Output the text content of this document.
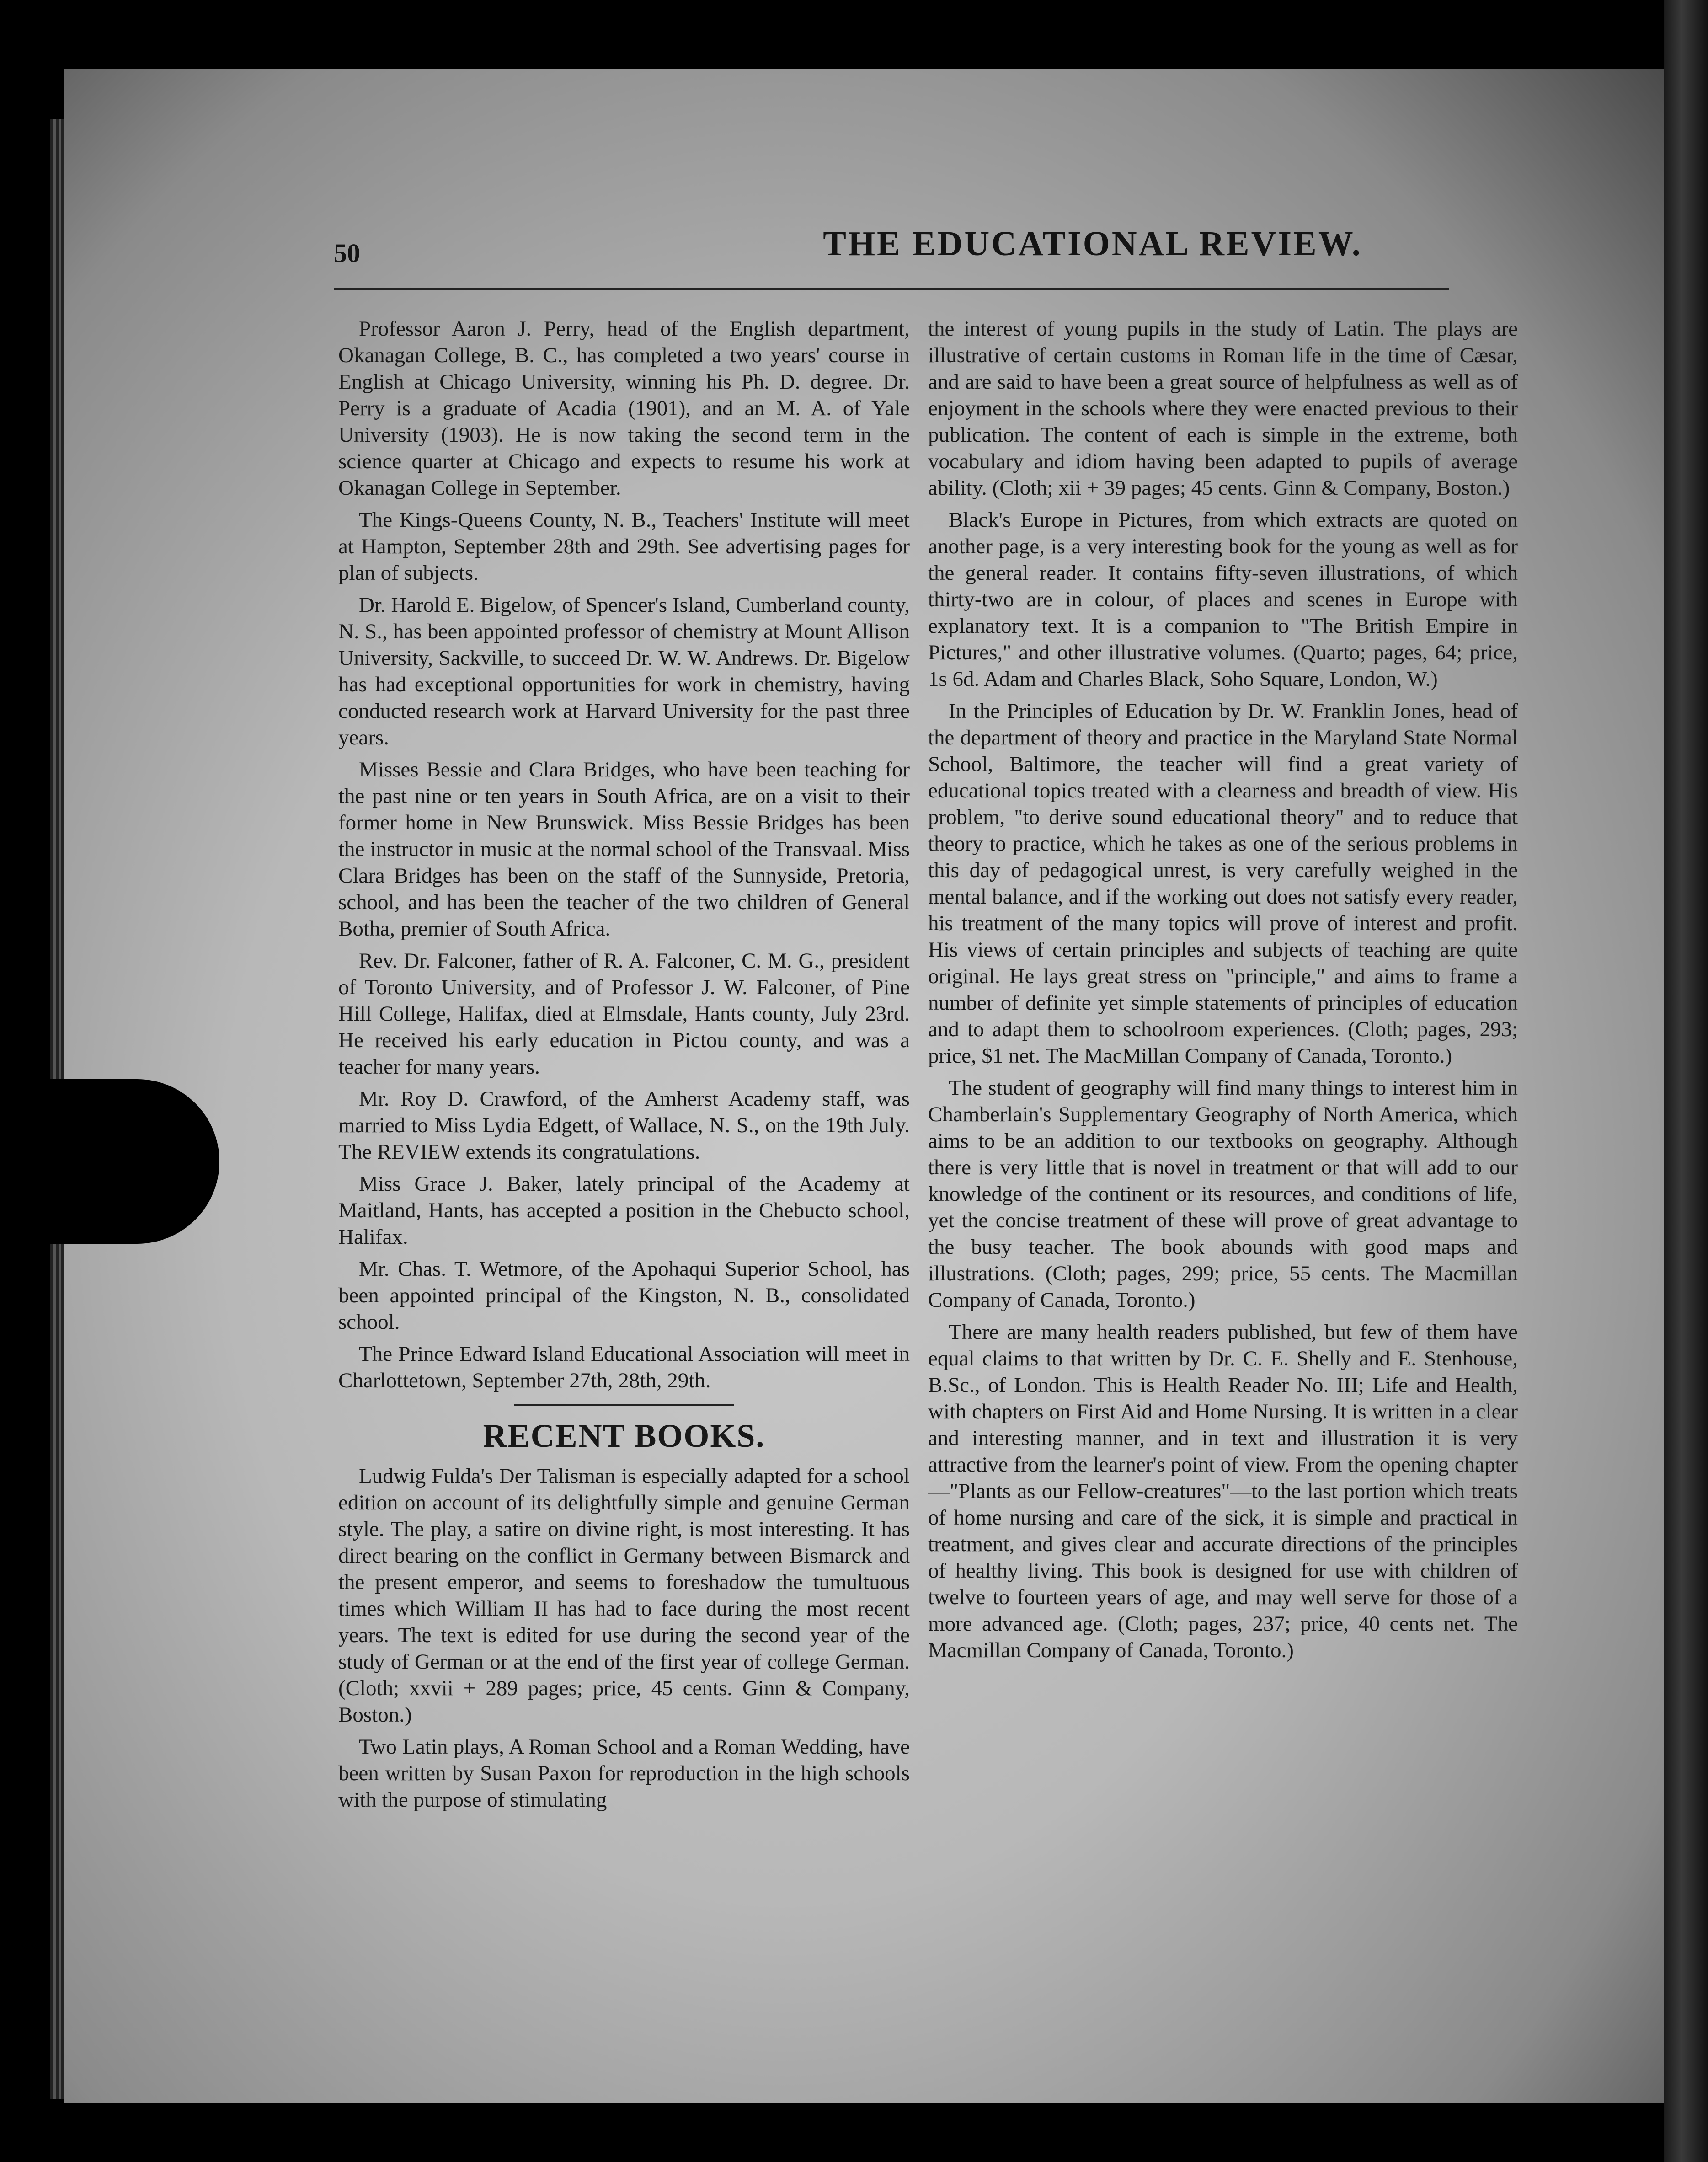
50	THE EDUCATIONAL REVIEW.

Professor Aaron J. Perry, head of the English department, Okanagan College, B. C., has completed a two years' course in English at Chicago University, winning his Ph. D. degree. Dr. Perry is a graduate of Acadia (1901), and an M. A. of Yale University (1903). He is now taking the second term in the science quarter at Chicago and expects to resume his work at Okanagan College in September.

The Kings-Queens County, N. B., Teachers' Institute will meet at Hampton, September 28th and 29th. See advertising pages for plan of subjects.

Dr. Harold E. Bigelow, of Spencer's Island, Cumberland county, N. S., has been appointed professor of chemistry at Mount Allison University, Sackville, to succeed Dr. W. W. Andrews. Dr. Bigelow has had exceptional opportunities for work in chemistry, having conducted research work at Harvard University for the past three years.

Misses Bessie and Clara Bridges, who have been teaching for the past nine or ten years in South Africa, are on a visit to their former home in New Brunswick. Miss Bessie Bridges has been the instructor in music at the normal school of the Transvaal. Miss Clara Bridges has been on the staff of the Sunnyside, Pretoria, school, and has been the teacher of the two children of General Botha, premier of South Africa.

Rev. Dr. Falconer, father of R. A. Falconer, C. M. G., president of Toronto University, and of Professor J. W. Falconer, of Pine Hill College, Halifax, died at Elmsdale, Hants county, July 23rd. He received his early education in Pictou county, and was a teacher for many years.

Mr. Roy D. Crawford, of the Amherst Academy staff, was married to Miss Lydia Edgett, of Wallace, N. S., on the 19th July. The REVIEW extends its congratulations.

Miss Grace J. Baker, lately principal of the Academy at Maitland, Hants, has accepted a position in the Chebucto school, Halifax.

Mr. Chas. T. Wetmore, of the Apohaqui Superior School, has been appointed principal of the Kingston, N. B., consolidated school.

The Prince Edward Island Educational Association will meet in Charlottetown, September 27th, 28th, 29th.

RECENT BOOKS.

Ludwig Fulda's Der Talisman is especially adapted for a school edition on account of its delightfully simple and genuine German style. The play, a satire on divine right, is most interesting. It has direct bearing on the conflict in Germany between Bismarck and the present emperor, and seems to foreshadow the tumultuous times which William II has had to face during the most recent years. The text is edited for use during the second year of the study of German or at the end of the first year of college German. (Cloth; xxvii + 289 pages; price, 45 cents. Ginn & Company, Boston.)

Two Latin plays, A Roman School and a Roman Wedding, have been written by Susan Paxon for reproduction in the high schools with the purpose of stimulating

the interest of young pupils in the study of Latin. The plays are illustrative of certain customs in Roman life in the time of Cæsar, and are said to have been a great source of helpfulness as well as of enjoyment in the schools where they were enacted previous to their publication. The content of each is simple in the extreme, both vocabulary and idiom having been adapted to pupils of average ability. (Cloth; xii + 39 pages; 45 cents. Ginn & Company, Boston.)

Black's Europe in Pictures, from which extracts are quoted on another page, is a very interesting book for the young as well as for the general reader. It contains fifty-seven illustrations, of which thirty-two are in colour, of places and scenes in Europe with explanatory text. It is a companion to "The British Empire in Pictures," and other illustrative volumes. (Quarto; pages, 64; price, 1s 6d. Adam and Charles Black, Soho Square, London, W.)

In the Principles of Education by Dr. W. Franklin Jones, head of the department of theory and practice in the Maryland State Normal School, Baltimore, the teacher will find a great variety of educational topics treated with a clearness and breadth of view. His problem, "to derive sound educational theory" and to reduce that theory to practice, which he takes as one of the serious problems in this day of pedagogical unrest, is very carefully weighed in the mental balance, and if the working out does not satisfy every reader, his treatment of the many topics will prove of interest and profit. His views of certain principles and subjects of teaching are quite original. He lays great stress on "principle," and aims to frame a number of definite yet simple statements of principles of education and to adapt them to schoolroom experiences. (Cloth; pages, 293; price, $1 net. The MacMillan Company of Canada, Toronto.)

The student of geography will find many things to interest him in Chamberlain's Supplementary Geography of North America, which aims to be an addition to our textbooks on geography. Although there is very little that is novel in treatment or that will add to our knowledge of the continent or its resources, and conditions of life, yet the concise treatment of these will prove of great advantage to the busy teacher. The book abounds with good maps and illustrations. (Cloth; pages, 299; price, 55 cents. The Macmillan Company of Canada, Toronto.)

There are many health readers published, but few of them have equal claims to that written by Dr. C. E. Shelly and E. Stenhouse, B.Sc., of London. This is Health Reader No. III; Life and Health, with chapters on First Aid and Home Nursing. It is written in a clear and interesting manner, and in text and illustration it is very attractive from the learner's point of view. From the opening chapter—"Plants as our Fellow-creatures"—to the last portion which treats of home nursing and care of the sick, it is simple and practical in treatment, and gives clear and accurate directions of the principles of healthy living. This book is designed for use with children of twelve to fourteen years of age, and may well serve for those of a more advanced age. (Cloth; pages, 237; price, 40 cents net. The Macmillan Company of Canada, Toronto.)
